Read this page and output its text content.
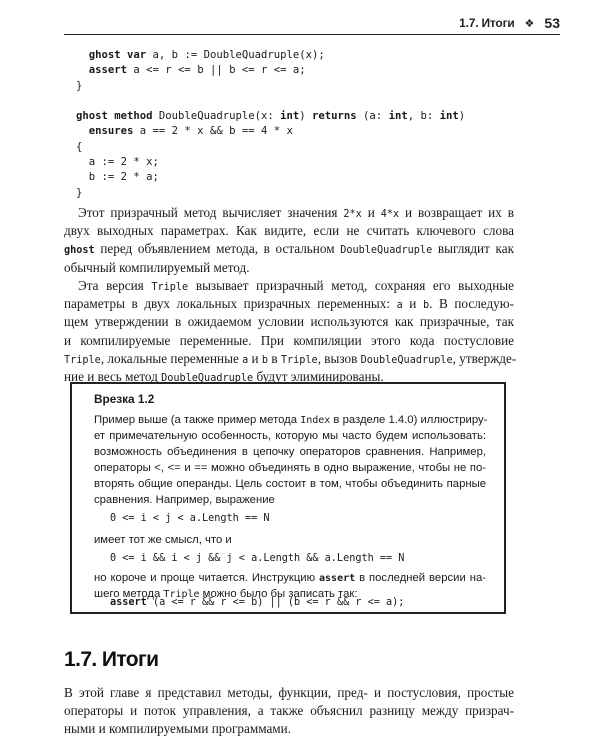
1.7. Итоги ❖ 53
ghost var a, b := DoubleQuadruple(x);
assert a <= r <= b || b <= r <= a;
}

ghost method DoubleQuadruple(x: int) returns (a: int, b: int)
ensures a == 2 * x && b == 4 * x
{
a := 2 * x;
b := 2 * a;
}
Этот призрачный метод вычисляет значения 2*x и 4*x и возвращает их в
двух выходных параметрах. Как видите, если не считать ключевого слова
ghost перед объявлением метода, в остальном DoubleQuadruple выглядит как
обычный компилируемый метод.
Эта версия Triple вызывает призрачный метод, сохраняя его выходные
параметры в двух локальных призрачных переменных: a и b. В последую-
щем утверждении в ожидаемом условии используются как призрачные, так
и компилируемые переменные. При компиляции этого кода постусловие
Triple, локальные переменные a и b в Triple, вызов DoubleQuadruple, утвержде-
ние и весь метод DoubleQuadruple будут элиминированы.
Врезка 1.2
Пример выше (а также пример метода Index в разделе 1.4.0) иллюстриру-
ет примечательную особенность, которую мы часто будем использовать:
возможность объединения в цепочку операторов сравнения. Например,
операторы <, <= и == можно объединять в одно выражение, чтобы не по-
вторять общие операнды. Цель состоит в том, чтобы объединить парные
сравнения. Например, выражение
0 <= i < j < a.Length == N
имеет тот же смысл, что и
0 <= i && i < j && j < a.Length && a.Length == N
но короче и проще читается. Инструкцию assert в последней версии на-
шего метода Triple можно было бы записать так:
assert (a <= r && r <= b) || (b <= r && r <= a);
1.7. Итоги
В этой главе я представил методы, функции, пред- и постусловия, простые
операторы и поток управления, а также объяснил разницу между призрач-
ными и компилируемыми программами.
